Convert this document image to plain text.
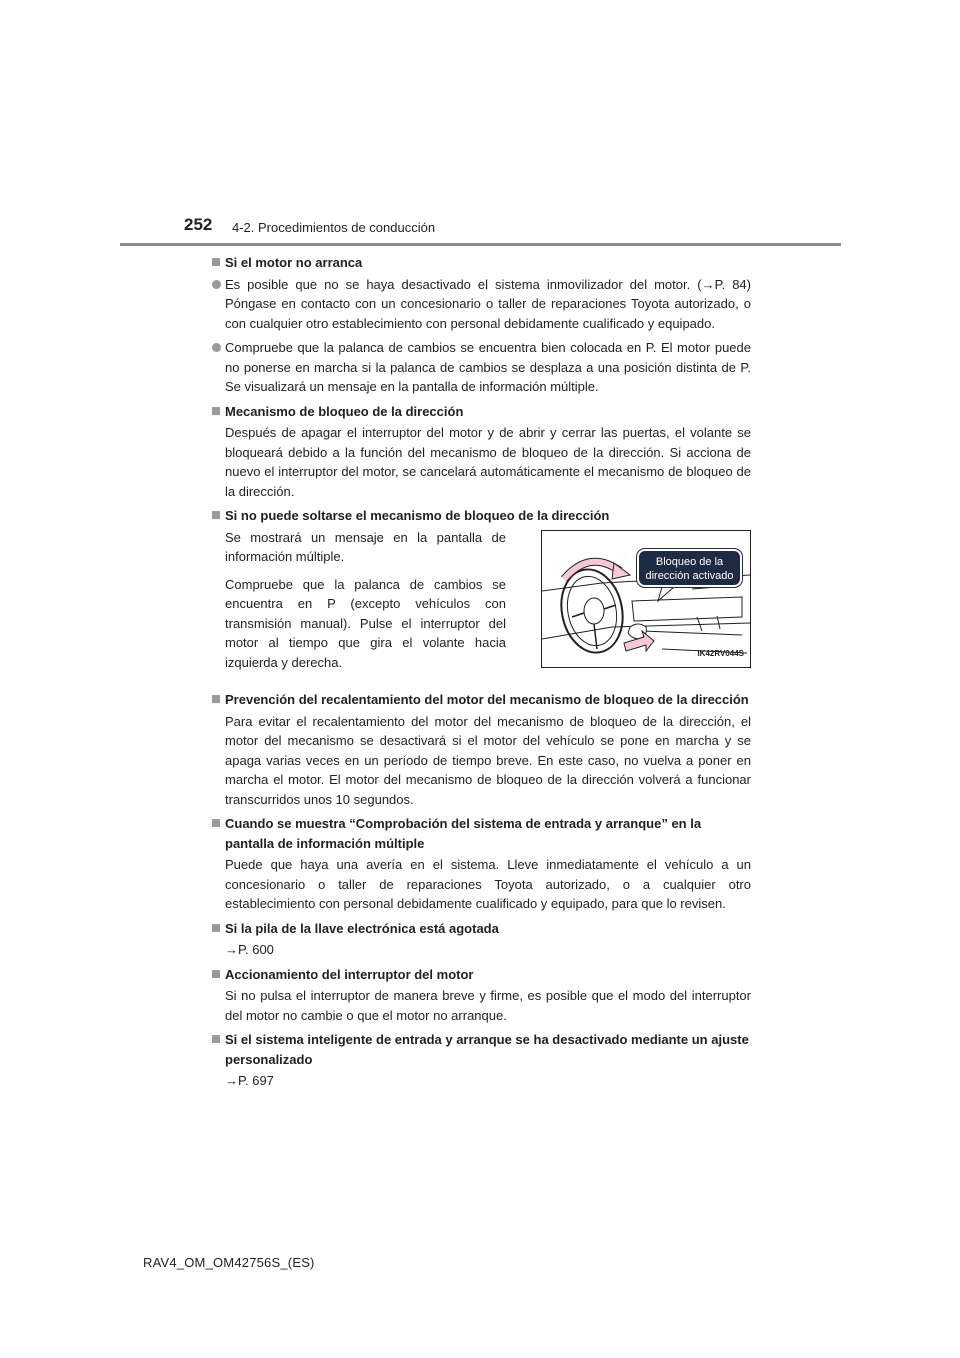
252 4-2. Procedimientos de conducción
Si el motor no arranca
Es posible que no se haya desactivado el sistema inmovilizador del motor. (→P. 84) Póngase en contacto con un concesionario o taller de reparaciones Toyota autorizado, o con cualquier otro establecimiento con personal debidamente cualificado y equipado.
Compruebe que la palanca de cambios se encuentra bien colocada en P. El motor puede no ponerse en marcha si la palanca de cambios se desplaza a una posición distinta de P. Se visualizará un mensaje en la pantalla de información múltiple.
Mecanismo de bloqueo de la dirección
Después de apagar el interruptor del motor y de abrir y cerrar las puertas, el volante se bloqueará debido a la función del mecanismo de bloqueo de la dirección. Si acciona de nuevo el interruptor del motor, se cancelará automáticamente el mecanismo de bloqueo de la dirección.
Si no puede soltarse el mecanismo de bloqueo de la dirección

Se mostrará un mensaje en la pantalla de información múltiple.

Compruebe que la palanca de cambios se encuentra en P (excepto vehículos con transmisión manual). Pulse el interruptor del motor al tiempo que gira el volante hacia izquierda y derecha.

Bloqueo de la
dirección activado
IK42RV044S
Prevención del recalentamiento del motor del mecanismo de bloqueo de la dirección
Para evitar el recalentamiento del motor del mecanismo de bloqueo de la dirección, el motor del mecanismo se desactivará si el motor del vehículo se pone en marcha y se apaga varias veces en un período de tiempo breve. En este caso, no vuelva a poner en marcha el motor. El motor del mecanismo de bloqueo de la dirección volverá a funcionar transcurridos unos 10 segundos.
Cuando se muestra “Comprobación del sistema de entrada y arranque” en la pantalla de información múltiple
Puede que haya una avería en el sistema. Lleve inmediatamente el vehículo a un concesionario o taller de reparaciones Toyota autorizado, o a cualquier otro establecimiento con personal debidamente cualificado y equipado, para que lo revisen.
Si la pila de la llave electrónica está agotada
→P. 600
Accionamiento del interruptor del motor
Si no pulsa el interruptor de manera breve y firme, es posible que el modo del interruptor del motor no cambie o que el motor no arranque.
Si el sistema inteligente de entrada y arranque se ha desactivado mediante un ajuste personalizado
→P. 697
RAV4_OM_OM42756S_(ES)
